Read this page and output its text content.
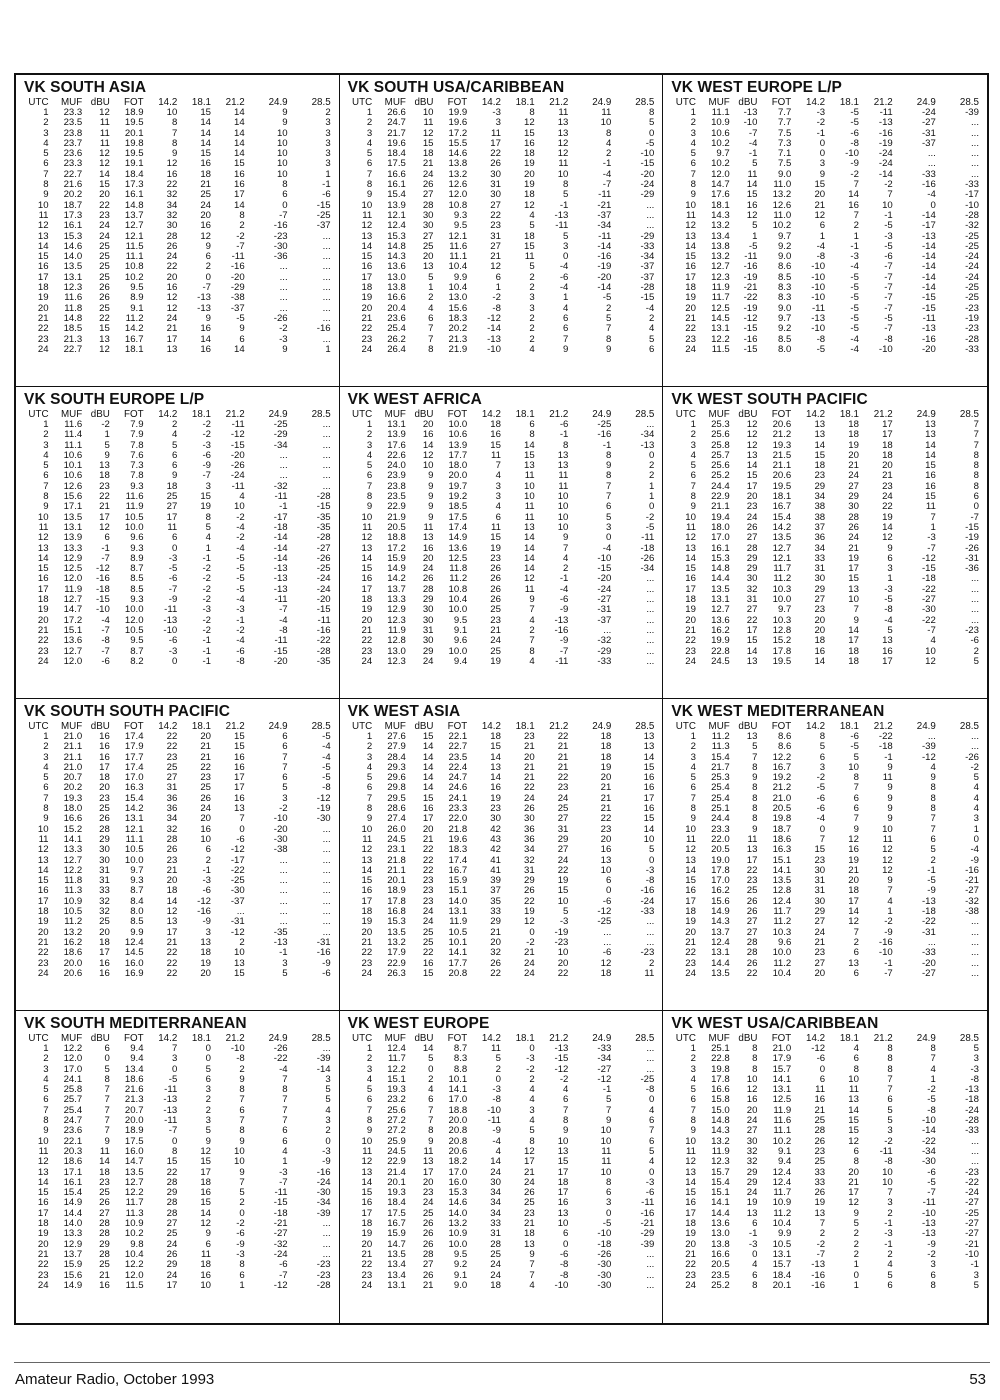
VK SOUTH ASIA
UTC	MUF	dBU	FOT	14.2	18.1	21.2	24.9	28.5
1	23.3	12	18.9	10	15	14	9	2
2	23.5	11	19.5	8	14	14	9	3
3	23.8	11	20.1	7	14	14	10	3
4	23.7	11	19.8	8	14	14	10	3
5	23.6	12	19.5	9	15	14	10	3
6	23.3	12	19.1	12	16	15	10	3
7	22.7	14	18.4	16	18	16	10	1
8	21.6	15	17.3	22	21	16	8	-1
9	20.2	20	16.1	32	25	17	6	-6
10	18.7	22	14.8	34	24	14	0	-15
11	17.3	23	13.7	32	20	8	-7	-25
12	16.1	24	12.7	30	16	2	-16	-37
13	15.3	24	12.1	28	12	-2	-23	...
14	14.6	25	11.5	26	9	-7	-30	...
15	14.0	25	11.1	24	6	-11	-36	...
16	13.5	25	10.8	22	2	-16	...	...
17	13.1	25	10.2	20	0	-20	...	...
18	12.3	26	9.5	16	-7	-29	...	...
19	11.6	26	8.9	12	-13	-38	...	...
20	11.8	25	9.1	12	-13	-37	...	...
21	14.8	22	11.2	24	9	-5	-26	...
22	18.5	15	14.2	21	16	9	-2	-16
23	21.3	13	16.7	17	14	6	-3	...
24	22.7	12	18.1	13	16	14	9	1
VK SOUTH USA/CARIBBEAN
UTC	MUF	dBU	FOT	14.2	18.1	21.2	24.9	28.5
1	26.6	10	19.9	-3	8	11	11	8
2	24.7	11	19.6	3	12	13	10	5
3	21.7	12	17.2	11	15	13	8	0
4	19.6	15	15.5	17	16	12	4	-5
5	18.4	18	14.6	22	18	12	2	-10
6	17.5	21	13.8	26	19	11	-1	-15
7	16.6	24	13.2	30	20	10	-4	-20
8	16.1	26	12.6	31	19	8	-7	-24
9	15.4	27	12.0	30	18	5	-11	-29
10	13.9	28	10.8	27	12	-1	-21	...
11	12.1	30	9.3	22	4	-13	-37	...
12	12.4	30	9.5	23	5	-11	-34	...
13	15.3	27	12.1	31	18	5	-11	-29
14	14.8	25	11.6	27	15	3	-14	-33
15	14.3	20	11.1	21	11	0	-16	-34
16	13.6	13	10.4	12	5	-4	-19	-37
17	13.0	5	9.9	6	2	-6	-20	-37
18	13.8	1	10.4	1	2	-4	-14	-28
19	16.6	2	13.0	-2	3	1	-5	-15
20	20.4	4	15.6	-8	3	4	2	-4
21	23.6	6	18.3	-12	2	6	5	2
22	25.4	7	20.2	-14	2	6	7	4
23	26.2	7	21.3	-13	2	7	8	5
24	26.4	8	21.9	-10	4	9	9	6
VK WEST EUROPE L/P
UTC	MUF	dBU	FOT	14.2	18.1	21.2	24.9	28.5
1	11.1	-13	7.7	-3	-5	-11	-24	-39
2	10.9	-10	7.7	-2	-5	-13	-27	...
3	10.6	-7	7.5	-1	-6	-16	-31	...
4	10.2	-4	7.3	0	-8	-19	-37	...
5	9.7	-1	7.1	0	-10	-24	...	...
6	10.2	5	7.5	3	-9	-24	...	...
7	12.0	11	9.0	9	-2	-14	-33	...
8	14.7	14	11.0	15	7	-2	-16	-33
9	17.6	15	13.2	20	14	7	-4	-17
10	18.1	16	12.6	21	16	10	0	-10
11	14.3	12	11.0	12	7	-1	-14	-28
12	13.2	5	10.2	6	2	-5	-17	-32
13	13.4	1	9.7	1	1	-3	-13	-25
14	13.8	-5	9.2	-4	-1	-5	-14	-25
15	13.2	-11	9.0	-8	-3	-6	-14	-24
16	12.7	-16	8.6	-10	-4	-7	-14	-24
17	12.3	-19	8.5	-10	-5	-7	-14	-24
18	11.9	-21	8.3	-10	-5	-7	-14	-25
19	11.7	-22	8.3	-10	-5	-7	-15	-25
20	12.5	-19	9.0	-11	-5	-7	-15	-23
21	14.5	-12	9.7	-13	-5	-5	-11	-19
22	13.1	-15	9.2	-10	-5	-7	-13	-23
23	12.2	-16	8.5	-8	-4	-8	-16	-28
24	11.5	-15	8.0	-5	-4	-10	-20	-33
VK SOUTH EUROPE L/P
UTC	MUF	dBU	FOT	14.2	18.1	21.2	24.9	28.5
1	11.6	-2	7.9	2	-2	-11	-25	...
2	11.4	1	7.9	4	-2	-12	-29	...
3	11.1	5	7.8	5	-3	-15	-34	...
4	10.6	9	7.6	6	-6	-20	...	...
5	10.1	13	7.3	6	-9	-26	...	...
6	10.6	18	7.8	9	-7	-24	...	...
7	12.6	23	9.3	18	3	-11	-32	...
8	15.6	22	11.6	25	15	4	-11	-28
9	17.1	21	11.9	27	19	10	-1	-15
10	13.5	17	10.5	17	8	-2	-17	-35
11	13.1	12	10.0	11	5	-4	-18	-35
12	13.9	6	9.6	6	4	-2	-14	-28
13	13.3	-1	9.3	0	1	-4	-14	-27
14	12.9	-7	8.9	-3	-1	-5	-14	-26
15	12.5	-12	8.7	-5	-2	-5	-13	-25
16	12.0	-16	8.5	-6	-2	-5	-13	-24
17	11.9	-18	8.5	-7	-2	-5	-13	-24
18	12.7	-15	9.3	-9	-2	-4	-11	-20
19	14.7	-10	10.0	-11	-3	-3	-7	-15
20	17.2	-4	12.0	-13	-2	-1	-4	-11
21	15.1	-7	10.5	-10	-2	-2	-8	-16
22	13.6	-8	9.5	-6	-1	-4	-11	-22
23	12.7	-7	8.7	-3	-1	-6	-15	-28
24	12.0	-6	8.2	0	-1	-8	-20	-35
VK WEST AFRICA
UTC	MUF	dBU	FOT	14.2	18.1	21.2	24.9	28.5
1	13.1	20	10.0	18	6	-6	-25	...
2	13.9	16	10.6	16	8	-1	-16	-34
3	17.6	14	13.9	15	14	8	-1	-13
4	22.6	12	17.7	11	15	13	8	0
5	24.0	10	18.0	7	13	13	9	2
6	23.9	9	20.0	4	11	11	8	2
7	23.8	9	19.7	3	10	11	7	1
8	23.5	9	19.2	3	10	10	7	1
9	22.9	9	18.5	4	11	10	6	0
10	21.9	9	17.5	6	11	10	5	-2
11	20.5	11	17.4	11	13	10	3	-5
12	18.8	13	14.9	15	14	9	0	-11
13	17.2	16	13.6	19	14	7	-4	-18
14	15.9	20	12.5	23	14	4	-10	-26
15	14.9	24	11.8	26	14	2	-15	-34
16	14.2	26	11.2	26	12	-1	-20	...
17	13.7	28	10.8	26	11	-4	-24	...
18	13.3	29	10.4	26	9	-6	-27	...
19	12.9	30	10.0	25	7	-9	-31	...
20	12.3	30	9.5	23	4	-13	-37	...
21	11.9	31	9.1	21	2	-16	...	...
22	12.8	30	9.6	24	7	-9	-32	...
23	13.0	29	10.0	25	8	-7	-29	...
24	12.3	24	9.4	19	4	-11	-33	...
VK WEST SOUTH PACIFIC
UTC	MUF	dBU	FOT	14.2	18.1	21.2	24.9	28.5
1	25.3	12	20.6	13	18	17	13	7
2	25.6	12	21.2	13	18	17	13	7
3	25.8	12	19.3	14	19	18	14	7
4	25.7	13	21.5	15	20	18	14	8
5	25.6	14	21.1	18	21	20	15	8
6	25.2	15	20.6	23	24	21	16	8
7	24.4	17	19.5	29	27	23	16	8
8	22.9	20	18.1	34	29	24	15	6
9	21.1	23	16.7	38	30	22	11	0
10	19.4	24	15.4	38	28	19	7	-7
11	18.0	26	14.2	37	26	14	1	-15
12	17.0	27	13.5	36	24	12	-3	-19
13	16.1	28	12.7	34	21	9	-7	-26
14	15.3	29	12.1	33	19	6	-12	-31
15	14.8	29	11.7	31	17	3	-15	-36
16	14.4	30	11.2	30	15	1	-18	...
17	13.5	32	10.3	29	13	-3	-22	...
18	13.1	31	10.0	27	10	-5	-27	...
19	12.7	27	9.7	23	7	-8	-30	...
20	13.6	22	10.3	20	9	-4	-22	...
21	16.2	17	12.8	20	14	5	-7	-23
22	19.9	15	15.2	18	17	13	4	-6
23	22.8	14	17.8	16	18	16	10	2
24	24.5	13	19.5	14	18	17	12	5
VK SOUTH SOUTH PACIFIC
UTC	MUF	dBU	FOT	14.2	18.1	21.2	24.9	28.5
1	21.0	16	17.4	22	20	15	6	-5
2	21.1	16	17.9	22	21	15	6	-4
3	21.1	16	17.7	23	21	16	7	-4
4	21.0	17	17.4	25	22	16	7	-5
5	20.7	18	17.0	27	23	17	6	-5
6	20.2	20	16.3	31	25	17	5	-8
7	19.3	23	15.4	36	26	16	3	-12
8	18.0	25	14.2	36	24	13	-2	-19
9	16.6	26	13.1	34	20	7	-10	-30
10	15.2	28	12.1	32	16	0	-20	...
11	14.1	29	11.1	28	10	-6	-30	...
12	13.3	30	10.5	26	6	-12	-38	...
13	12.7	30	10.0	23	2	-17	...	...
14	12.2	31	9.7	21	-1	-22	...	...
15	11.8	31	9.3	20	-3	-25	...	...
16	11.3	33	8.7	18	-6	-30	...	...
17	10.9	32	8.4	14	-12	-37	...	...
18	10.5	32	8.0	12	-16	...	...	...
19	11.2	25	8.5	13	-9	-31	...	...
20	13.2	20	9.9	17	3	-12	-35	...
21	16.2	18	12.4	21	13	2	-13	-31
22	18.6	17	14.5	22	18	10	-1	-16
23	20.0	16	16.0	22	19	13	3	-9
24	20.6	16	16.9	22	20	15	5	-6
VK WEST ASIA
UTC	MUF	dBU	FOT	14.2	18.1	21.2	24.9	28.5
1	27.6	15	22.1	18	23	22	18	13
2	27.9	14	22.7	15	21	21	18	13
3	28.4	14	23.5	14	20	21	18	14
4	29.3	14	22.4	13	21	21	19	15
5	29.6	14	24.7	14	21	22	20	16
6	29.8	14	24.6	16	22	23	21	16
7	29.5	15	24.1	19	24	24	21	17
8	28.6	16	23.3	23	26	25	21	16
9	27.4	17	22.0	30	30	27	22	15
10	26.0	20	21.8	42	36	31	23	14
11	24.5	21	19.6	43	36	29	20	10
12	23.1	22	18.3	42	34	27	16	5
13	21.8	22	17.4	41	32	24	13	0
14	21.1	22	16.7	41	31	22	10	-3
15	20.1	23	15.9	39	29	19	6	-8
16	18.9	23	15.1	37	26	15	0	-16
17	17.8	23	14.0	35	22	10	-6	-24
18	16.8	24	13.1	33	19	5	-12	-33
19	15.3	24	11.9	29	12	-3	-25	...
20	13.5	25	10.5	21	0	-19	...	...
21	13.2	25	10.1	20	-2	-23	...	...
22	17.9	22	14.1	32	21	10	-6	-23
23	22.9	16	17.7	26	24	20	12	2
24	26.3	15	20.8	22	24	22	18	11
VK WEST MEDITERRANEAN
UTC	MUF	dBU	FOT	14.2	18.1	21.2	24.9	28.5
1	11.2	13	8.6	8	-6	-22	...	...
2	11.3	5	8.6	5	-5	-18	-39	...
3	15.4	7	12.2	6	5	-1	-12	-26
4	21.7	8	16.7	3	10	9	4	-2
5	25.3	9	19.2	-2	8	11	9	5
6	25.4	8	21.2	-5	7	9	8	4
7	25.4	8	21.0	-6	6	9	8	4
8	25.1	8	20.5	-6	6	9	8	4
9	24.4	8	19.8	-4	7	9	7	3
10	23.3	9	18.7	0	9	10	7	1
11	22.0	11	18.6	7	12	11	6	0
12	20.5	13	16.3	15	16	12	5	-4
13	19.0	17	15.1	23	19	12	2	-9
14	17.8	22	14.1	30	21	12	-1	-16
15	17.0	23	13.5	31	20	9	-5	-21
16	16.2	25	12.8	31	18	7	-9	-27
17	15.6	26	12.4	30	17	4	-13	-32
18	14.9	26	11.7	29	14	1	-18	-38
19	14.3	27	11.2	27	12	-2	-22	...
20	13.7	27	10.3	24	7	-9	-31	...
21	12.4	28	9.6	21	2	-16	...	...
22	13.1	28	10.0	23	6	-10	-33	...
23	14.4	26	11.2	27	13	-1	-20	...
24	13.5	22	10.4	20	6	-7	-27	...
VK SOUTH MEDITERRANEAN
UTC	MUF	dBU	FOT	14.2	18.1	21.2	24.9	28.5
1	12.2	6	9.4	7	0	-10	-26	...
2	12.0	0	9.4	3	0	-8	-22	-39
3	17.0	5	13.4	0	5	2	-4	-14
4	24.1	8	18.6	-5	6	9	7	3
5	25.8	7	21.6	-11	3	8	8	5
6	25.7	7	21.3	-13	2	7	7	5
7	25.4	7	20.7	-13	2	6	7	4
8	24.7	7	20.0	-11	3	7	7	3
9	23.6	7	18.9	-7	5	8	6	2
10	22.1	9	17.5	0	9	9	6	0
11	20.3	11	16.0	8	12	10	4	-3
12	18.6	14	14.7	15	15	10	1	-9
13	17.1	18	13.5	22	17	9	-3	-16
14	16.1	23	12.7	28	18	7	-7	-24
15	15.4	25	12.2	29	16	5	-11	-30
16	14.9	26	11.7	28	15	2	-15	-34
17	14.4	27	11.3	28	14	0	-18	-39
18	14.0	28	10.9	27	12	-2	-21	...
19	13.3	28	10.2	25	9	-6	-27	...
20	12.9	29	9.8	24	6	-9	-32	...
21	13.7	28	10.4	26	11	-3	-24	...
22	15.9	25	12.2	29	18	8	-6	-23
23	15.6	21	12.0	24	16	6	-7	-23
24	14.9	16	11.5	17	10	1	-12	-28
VK WEST EUROPE
UTC	MUF	dBU	FOT	14.2	18.1	21.2	24.9	28.5
1	12.4	14	8.7	11	0	-13	-33	...
2	11.7	5	8.3	5	-3	-15	-34	...
3	12.2	0	8.8	2	-2	-12	-27	...
4	15.1	2	10.1	0	2	-2	-12	-25
5	19.3	4	14.1	-3	4	4	-1	-8
6	23.2	6	17.0	-8	4	6	5	0
7	25.6	7	18.8	-10	3	7	7	4
8	27.2	7	20.0	-11	4	8	9	6
9	27.2	8	20.8	-9	5	9	10	7
10	25.9	9	20.8	-4	8	10	10	6
11	24.5	11	20.6	4	12	13	11	5
12	22.9	13	18.2	14	17	15	11	4
13	21.4	17	17.0	24	21	17	10	0
14	20.1	20	16.0	30	24	18	8	-3
15	19.3	23	15.3	34	26	17	6	-6
16	18.4	24	14.6	34	25	16	3	-11
17	17.5	25	14.0	34	23	13	0	-16
18	16.7	26	13.2	33	21	10	-5	-21
19	15.9	26	10.9	31	18	6	-10	-29
20	14.7	26	10.0	28	13	0	-18	-39
21	13.5	28	9.5	25	9	-6	-26	...
22	13.4	27	9.2	24	7	-8	-30	...
23	13.4	26	9.1	24	7	-8	-30	...
24	13.1	21	9.0	18	4	-10	-30	...
VK WEST USA/CARIBBEAN
UTC	MUF	dBU	FOT	14.2	18.1	21.2	24.9	28.5
1	25.1	8	21.0	-12	4	8	8	5
2	22.8	8	17.9	-6	6	8	7	3
3	19.8	8	15.7	0	8	8	4	-3
4	17.8	10	14.1	6	10	7	1	-8
5	16.6	12	13.1	11	11	7	-2	-13
6	15.8	16	12.5	16	13	6	-5	-18
7	15.0	20	11.9	21	14	5	-8	-24
8	14.8	24	11.6	25	15	5	-10	-28
9	14.3	27	11.1	28	15	3	-14	-33
10	13.2	30	10.2	26	12	-2	-22	...
11	11.9	32	9.1	23	6	-11	-34	...
12	12.3	32	9.4	25	8	-8	-30	...
13	15.7	29	12.4	33	20	10	-6	-23
14	15.4	29	12.4	33	21	10	-5	-22
15	15.1	24	11.7	26	17	7	-7	-24
16	14.1	19	10.9	19	12	3	-11	-27
17	14.4	13	11.2	13	9	2	-10	-25
18	13.6	6	10.4	7	5	-1	-13	-27
19	13.0	-1	9.9	2	2	-3	-13	-27
20	13.8	-3	10.5	-2	2	-1	-9	-21
21	16.6	0	13.1	-7	2	2	-2	-10
22	20.5	4	15.7	-13	1	4	3	-1
23	23.5	6	18.4	-16	0	5	6	3
24	25.2	8	20.1	-16	1	6	8	5
Amateur Radio, October 1993	53
